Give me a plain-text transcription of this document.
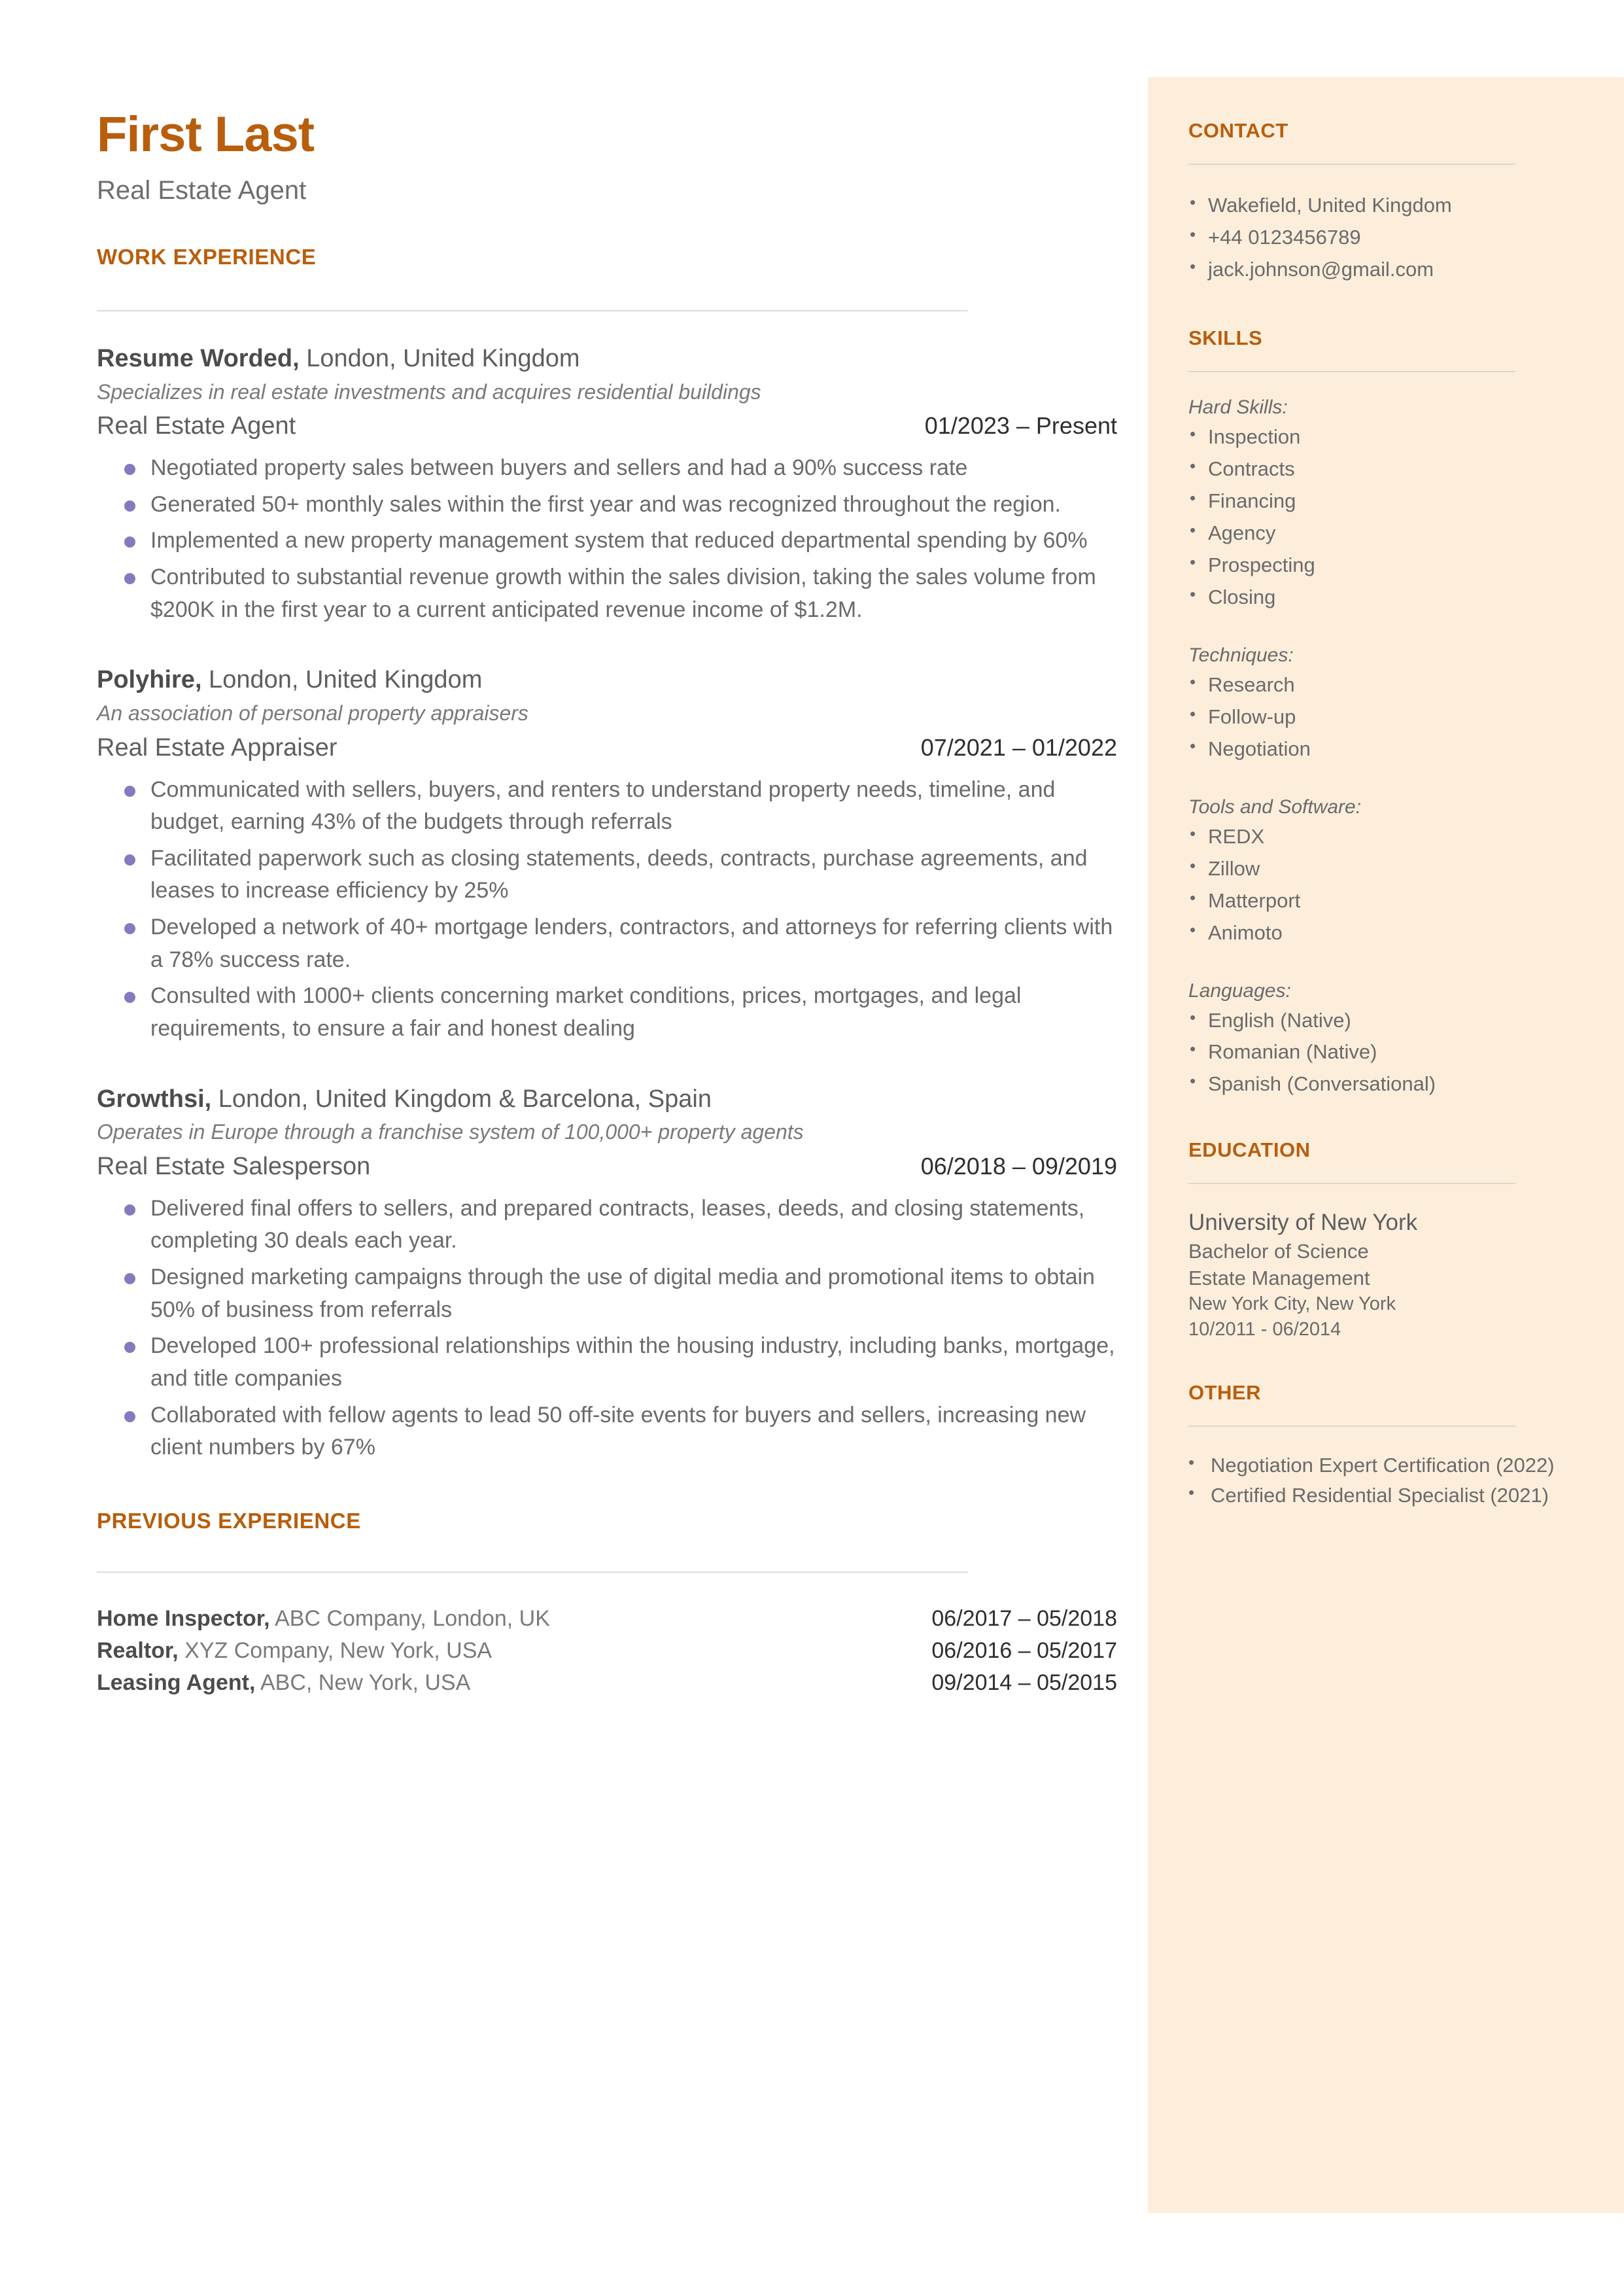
First Last
Real Estate Agent
WORK EXPERIENCE
Resume Worded, London, United Kingdom
Specializes in real estate investments and acquires residential buildings
Real Estate Agent	01/2023 – Present
Negotiated property sales between buyers and sellers and had a 90% success rate
Generated 50+ monthly sales within the first year and was recognized throughout the region.
Implemented a new property management system that reduced departmental spending by 60%
Contributed to substantial revenue growth within the sales division, taking the sales volume from $200K in the first year to a current anticipated revenue income of $1.2M.
Polyhire, London, United Kingdom
An association of personal property appraisers
Real Estate Appraiser	07/2021 – 01/2022
Communicated with sellers, buyers, and renters to understand property needs, timeline, and budget, earning 43% of the budgets through referrals
Facilitated paperwork such as closing statements, deeds, contracts, purchase agreements, and leases to increase efficiency by 25%
Developed a network of 40+ mortgage lenders, contractors, and attorneys for referring clients with a 78% success rate.
Consulted with 1000+ clients concerning market conditions, prices, mortgages, and legal requirements, to ensure a fair and honest dealing
Growthsi, London, United Kingdom & Barcelona, Spain
Operates in Europe through a franchise system of 100,000+ property agents
Real Estate Salesperson	06/2018 – 09/2019
Delivered final offers to sellers, and prepared contracts, leases, deeds, and closing statements, completing 30 deals each year.
Designed marketing campaigns through the use of digital media and promotional items to obtain 50% of business from referrals
Developed 100+ professional relationships within the housing industry, including banks, mortgage, and title companies
Collaborated with fellow agents to lead 50 off-site events for buyers and sellers, increasing new client numbers by 67%
PREVIOUS EXPERIENCE
Home Inspector, ABC Company, London, UK	06/2017 – 05/2018
Realtor, XYZ Company, New York, USA	06/2016 – 05/2017
Leasing Agent, ABC, New York, USA	09/2014 – 05/2015
CONTACT
• Wakefield, United Kingdom
• +44 0123456789
• jack.johnson@gmail.com
SKILLS
Hard Skills:
• Inspection
• Contracts
• Financing
• Agency
• Prospecting
• Closing
Techniques:
• Research
• Follow-up
• Negotiation
Tools and Software:
• REDX
• Zillow
• Matterport
• Animoto
Languages:
• English (Native)
• Romanian (Native)
• Spanish (Conversational)
EDUCATION
University of New York
Bachelor of Science
Estate Management
New York City, New York
10/2011 - 06/2014
OTHER
• Negotiation Expert Certification (2022)
• Certified Residential Specialist (2021)
